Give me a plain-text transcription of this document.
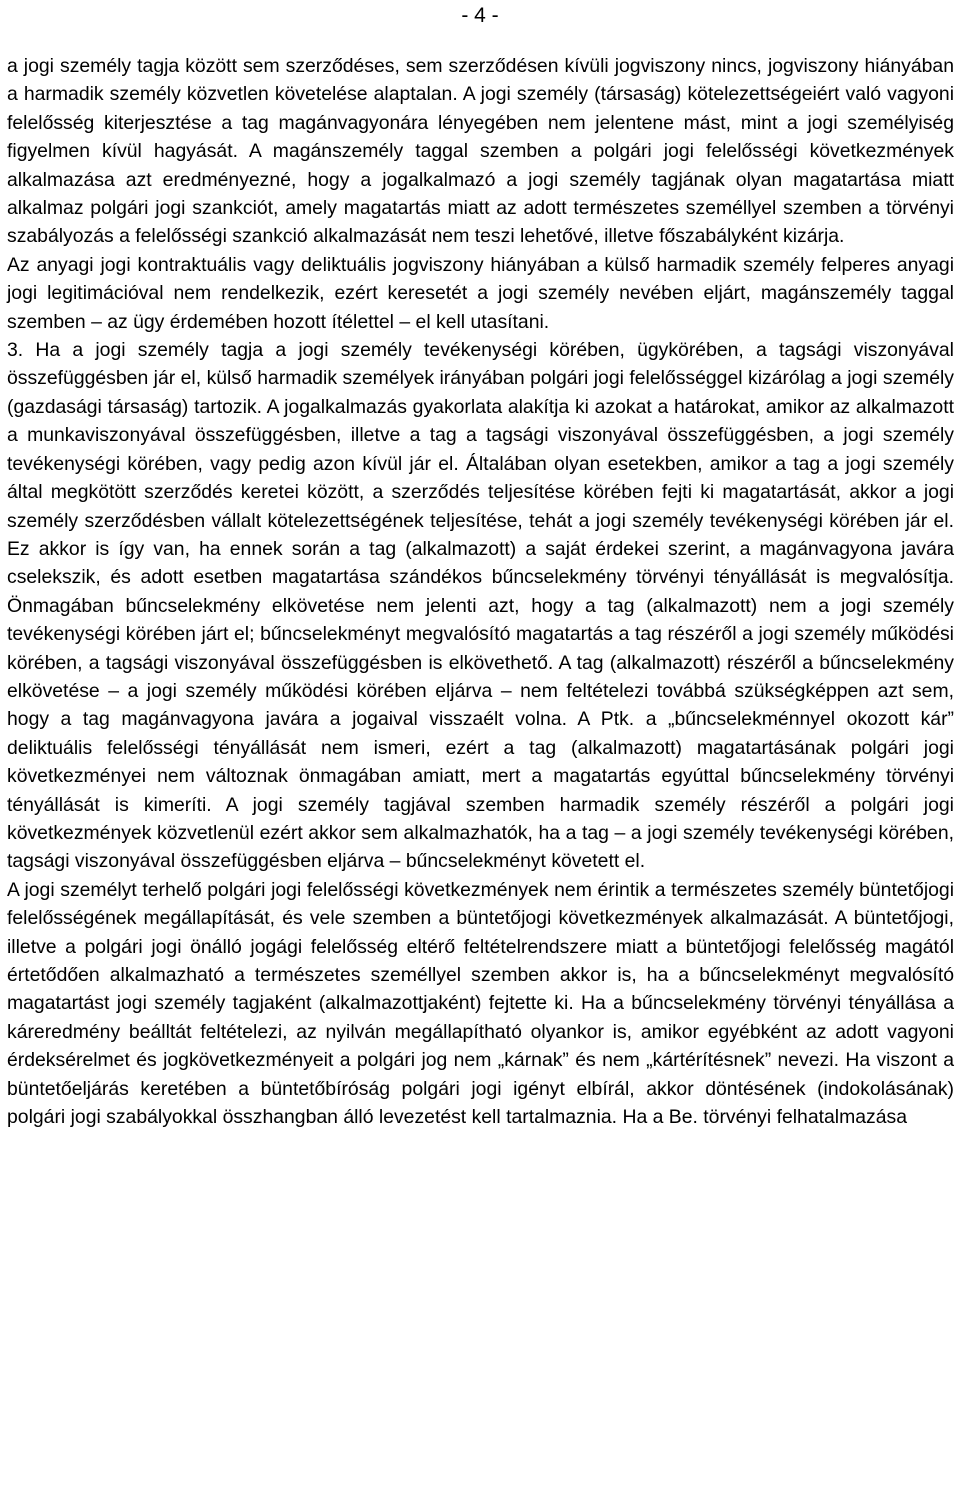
- 4 -

a jogi személy tagja között sem szerződéses, sem szerződésen kívüli jogviszony nincs, jogviszony hiányában a harmadik személy közvetlen követelése alaptalan. A jogi személy (társaság) kötelezettségeiért való vagyoni felelősség kiterjesztése a tag magánvagyonára lényegében nem jelentene mást, mint a jogi személyiség figyelmen kívül hagyását. A magánszemély taggal szemben a polgári jogi felelősségi következmények alkalmazása azt eredményezné, hogy a jogalkalmazó a jogi személy tagjának olyan magatartása miatt alkalmaz polgári jogi szankciót, amely magatartás miatt az adott természetes személlyel szemben a törvényi szabályozás a felelősségi szankció alkalmazását nem teszi lehetővé, illetve főszabályként kizárja.

Az anyagi jogi kontraktuális vagy deliktuális jogviszony hiányában a külső harmadik személy felperes anyagi jogi legitimációval nem rendelkezik, ezért keresetét a jogi személy nevében eljárt, magánszemély taggal szemben – az ügy érdemében hozott ítélettel – el kell utasítani.

3. Ha a jogi személy tagja a jogi személy tevékenységi körében, ügykörében, a tagsági viszonyával összefüggésben jár el, külső harmadik személyek irányában polgári jogi felelősséggel kizárólag a jogi személy (gazdasági társaság) tartozik. A jogalkalmazás gyakorlata alakítja ki azokat a határokat, amikor az alkalmazott a munkaviszonyával összefüggésben, illetve a tag a tagsági viszonyával összefüggésben, a jogi személy tevékenységi körében, vagy pedig azon kívül jár el. Általában olyan esetekben, amikor a tag a jogi személy által megkötött szerződés keretei között, a szerződés teljesítése körében fejti ki magatartását, akkor a jogi személy szerződésben vállalt kötelezettségének teljesítése, tehát a jogi személy tevékenységi körében jár el. Ez akkor is így van, ha ennek során a tag (alkalmazott) a saját érdekei szerint, a magánvagyona javára cselekszik, és adott esetben magatartása szándékos bűncselekmény törvényi tényállását is megvalósítja. Önmagában bűncselekmény elkövetése nem jelenti azt, hogy a tag (alkalmazott) nem a jogi személy tevékenységi körében járt el; bűncselekményt megvalósító magatartás a tag részéről a jogi személy működési körében, a tagsági viszonyával összefüggésben is elkövethető. A tag (alkalmazott) részéről a bűncselekmény elkövetése – a jogi személy működési körében eljárva – nem feltételezi továbbá szükségképpen azt sem, hogy a tag magánvagyona javára a jogaival visszaélt volna. A Ptk. a „bűncselekménnyel okozott kár” deliktuális felelősségi tényállását nem ismeri, ezért a tag (alkalmazott) magatartásának polgári jogi következményei nem változnak önmagában amiatt, mert a magatartás egyúttal bűncselekmény törvényi tényállását is kimeríti. A jogi személy tagjával szemben harmadik személy részéről a polgári jogi következmények közvetlenül ezért akkor sem alkalmazhatók, ha a tag – a jogi személy tevékenységi körében, tagsági viszonyával összefüggésben eljárva – bűncselekményt követett el.

A jogi személyt terhelő polgári jogi felelősségi következmények nem érintik a természetes személy büntetőjogi felelősségének megállapítását, és vele szemben a büntetőjogi következmények alkalmazását. A büntetőjogi, illetve a polgári jogi önálló jogági felelősség eltérő feltételrendszere miatt a büntetőjogi felelősség magától értetődően alkalmazható a természetes személlyel szemben akkor is, ha a bűncselekményt megvalósító magatartást jogi személy tagjaként (alkalmazottjaként) fejtette ki. Ha a bűncselekmény törvényi tényállása a káreredmény beálltát feltételezi, az nyilván megállapítható olyankor is, amikor egyébként az adott vagyoni érdeksérelmet és jogkövetkezményeit a polgári jog nem „kárnak” és nem „kártérítésnek” nevezi. Ha viszont a büntetőeljárás keretében a büntetőbíróság polgári jogi igényt elbírál, akkor döntésének (indokolásának) polgári jogi szabályokkal összhangban álló levezetést kell tartalmaznia. Ha a Be. törvényi felhatalmazása
